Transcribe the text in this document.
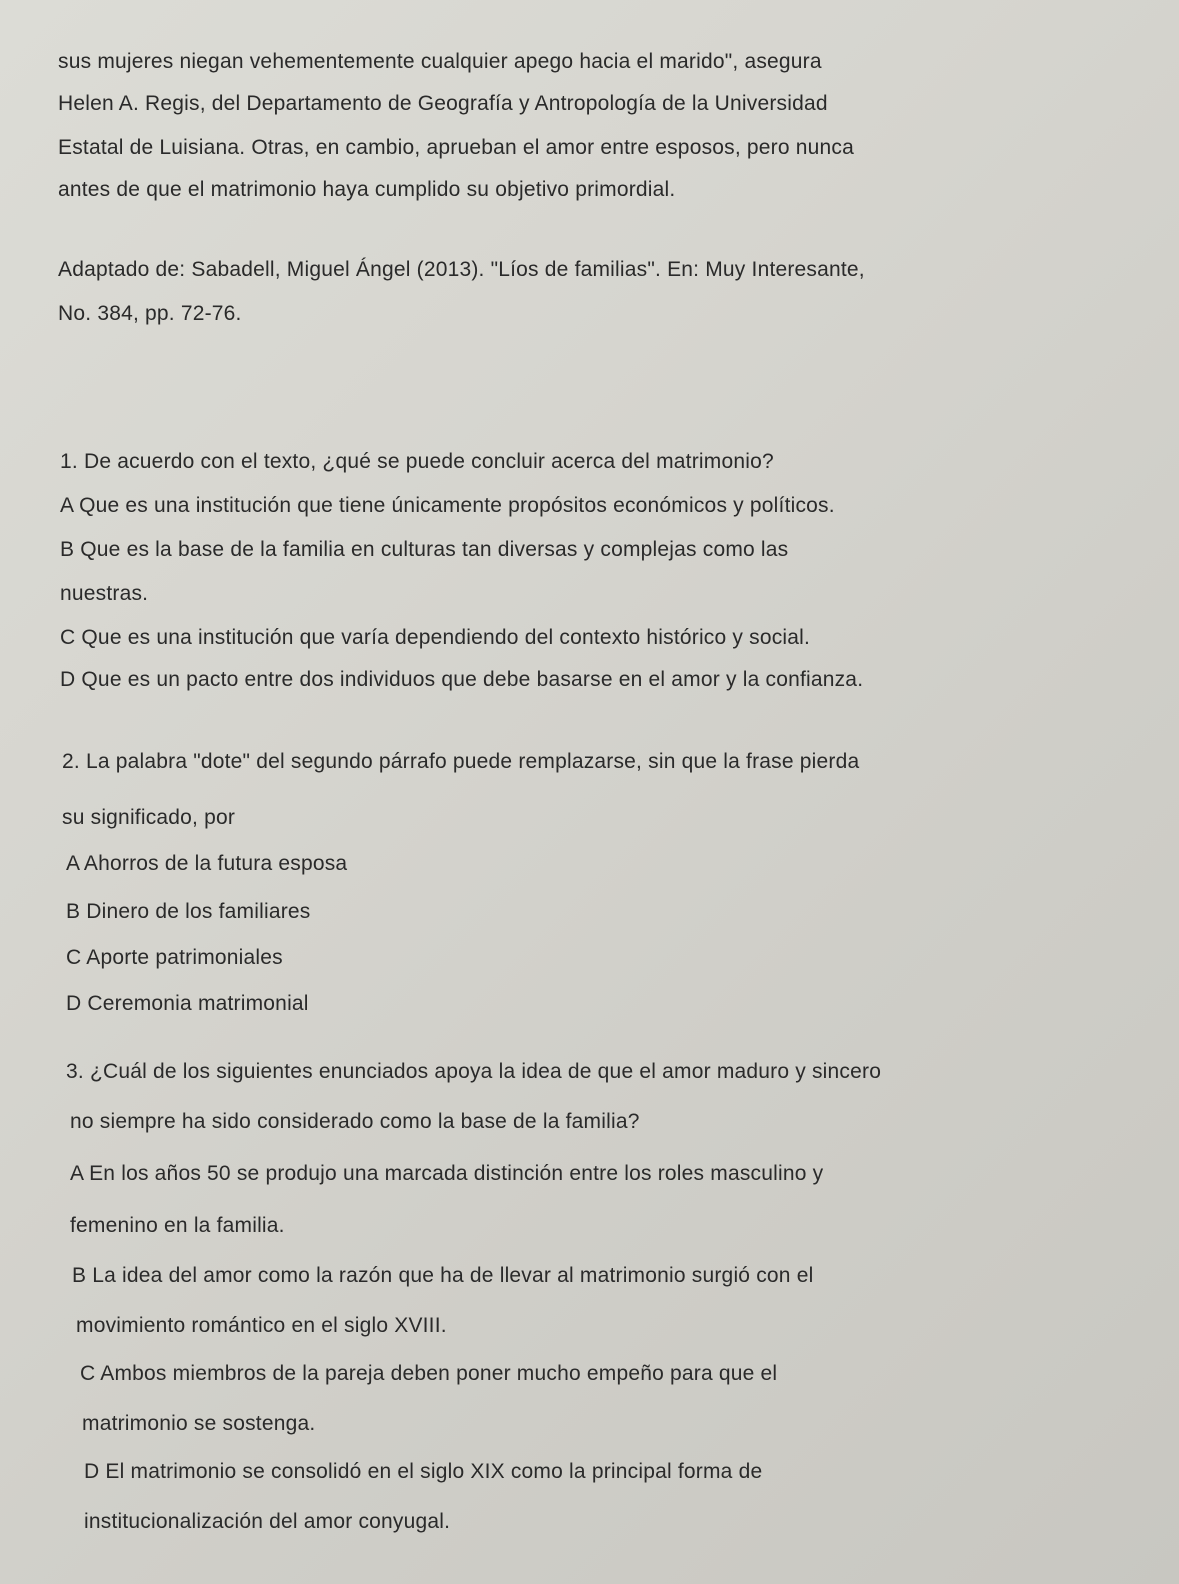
sus mujeres niegan vehementemente cualquier apego hacia el marido", asegura
Helen A. Regis, del Departamento de Geografía y Antropología de la Universidad
Estatal de Luisiana. Otras, en cambio, aprueban el amor entre esposos, pero nunca
antes de que el matrimonio haya cumplido su objetivo primordial.
Adaptado de: Sabadell, Miguel Ángel (2013). "Líos de familias". En: Muy Interesante,
No. 384, pp. 72-76.
1. De acuerdo con el texto, ¿qué se puede concluir acerca del matrimonio?
A Que es una institución que tiene únicamente propósitos económicos y políticos.
B Que es la base de la familia en culturas tan diversas y complejas como las
nuestras.
C Que es una institución que varía dependiendo del contexto histórico y social.
D Que es un pacto entre dos individuos que debe basarse en el amor y la confianza.
2. La palabra "dote" del segundo párrafo puede remplazarse, sin que la frase pierda
su significado, por
A Ahorros de la futura esposa
B Dinero de los familiares
C Aporte patrimoniales
D Ceremonia matrimonial
3. ¿Cuál de los siguientes enunciados apoya la idea de que el amor maduro y sincero
no siempre ha sido considerado como la base de la familia?
A En los años 50 se produjo una marcada distinción entre los roles masculino y
femenino en la familia.
B La idea del amor como la razón que ha de llevar al matrimonio surgió con el
movimiento romántico en el siglo XVIII.
C Ambos miembros de la pareja deben poner mucho empeño para que el
matrimonio se sostenga.
D El matrimonio se consolidó en el siglo XIX como la principal forma de
institucionalización del amor conyugal.
